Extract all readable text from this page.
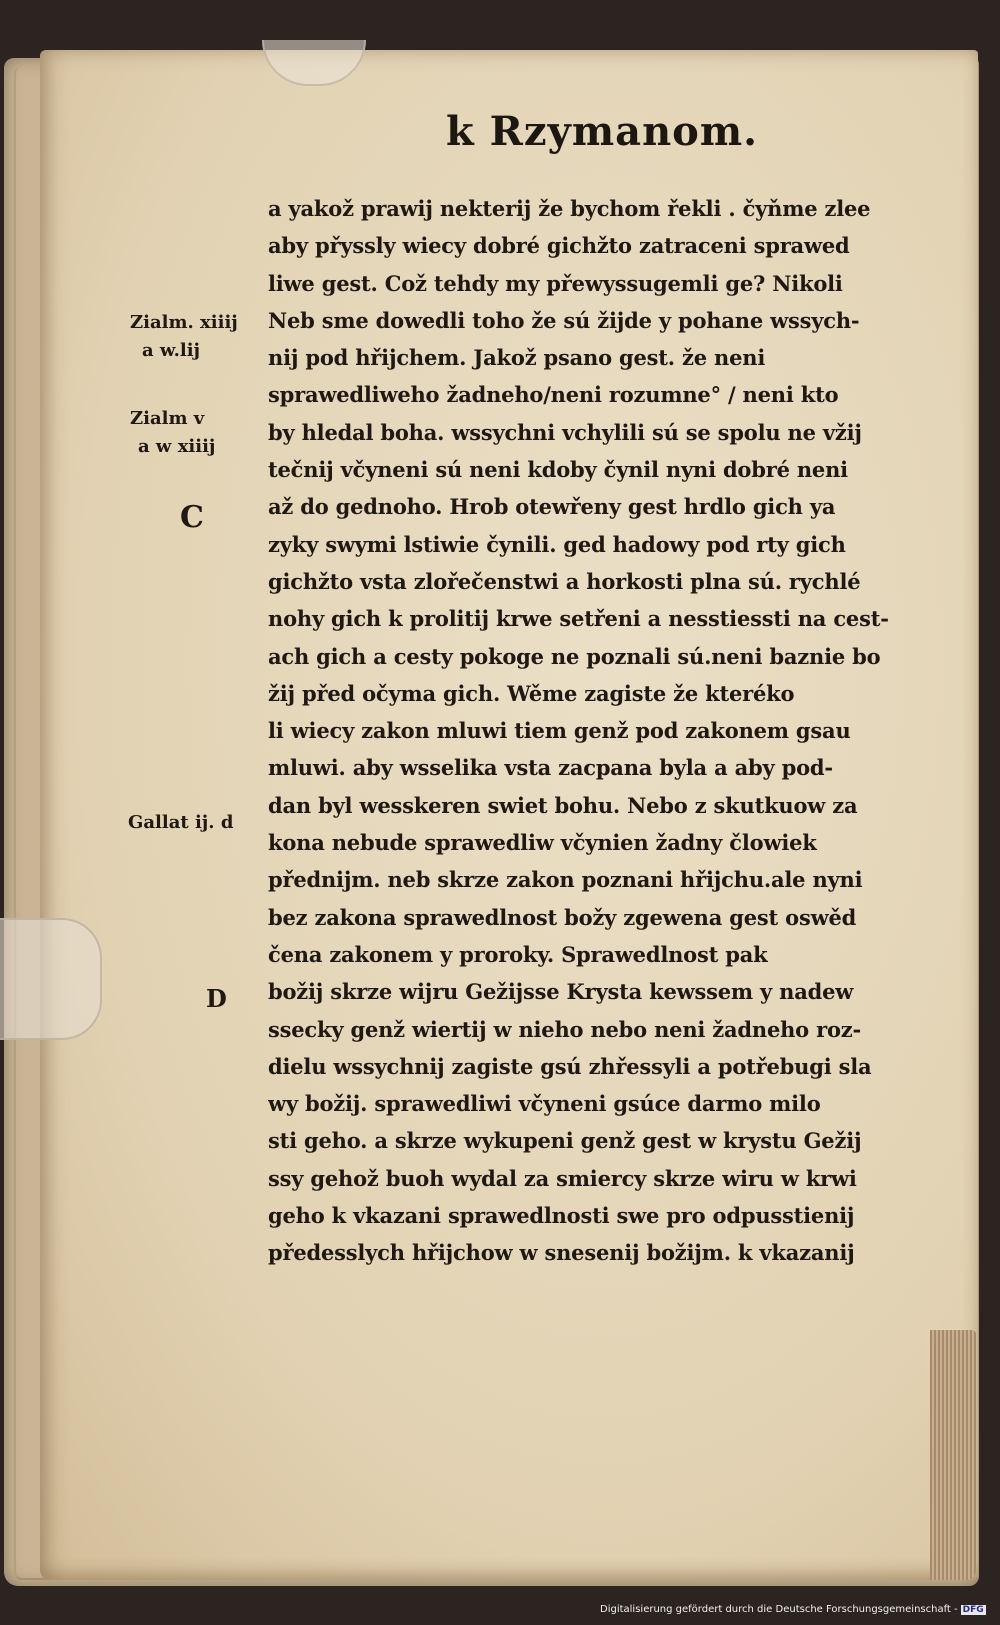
k Rzymanom.
Zialm. xiiij
a w.lij
Zialm v
a w xiiij
C
Gallat ij. d
D
a yakož prawij nekterij že bychom řekli . čyňme zlee
aby přyssly wiecy dobré gichžto zatraceni sprawed
liwe gest. Což tehdy my přewyssugemli ge? Nikoli
Neb sme dowedli toho že sú žijde y pohane wssych-
nij pod hřijchem. Jakož psano gest. že neni
sprawedliweho žadneho/neni rozumne° / neni kto
by hledal boha. wssychni vchylili sú se spolu ne vžij
tečnij včyneni sú neni kdoby čynil nyni dobré neni
až do gednoho. Hrob otewřeny gest hrdlo gich ya
zyky swymi lstiwie čynili. ged hadowy pod rty gich
gichžto vsta zlořečenstwi a horkosti plna sú. rychlé
nohy gich k prolitij krwe setřeni a nesstiessti na cest-
ach gich a cesty pokoge ne poznali sú.neni baznie bo
žij před očyma gich. Wěme zagiste že kteréko
li wiecy zakon mluwi tiem genž pod zakonem gsau
mluwi. aby wsselika vsta zacpana byla a aby pod-
dan byl wesskeren swiet bohu. Nebo z skutkuow za
kona nebude sprawedliw včynien žadny člowiek
přednijm. neb skrze zakon poznani hřijchu.ale nyni
bez zakona sprawedlnost božy zgewena gest oswěd
čena zakonem y proroky. Sprawedlnost pak
božij skrze wijru Gežijsse Krysta kewssem y nadew
ssecky genž wiertij w nieho nebo neni žadneho roz-
dielu wssychnij zagiste gsú zhřessyli a potřebugi sla
wy božij. sprawedliwi včyneni gsúce darmo milo
sti geho. a skrze wykupeni genž gest w krystu Gežij
ssy gehož buoh wydal za smiercy skrze wiru w krwi
geho k vkazani sprawedlnosti swe pro odpusstienij
předesslych hřijchow w snesenij božijm. k vkazanij
Digitalisierung gefördert durch die Deutsche Forschungsgemeinschaft - DFG
